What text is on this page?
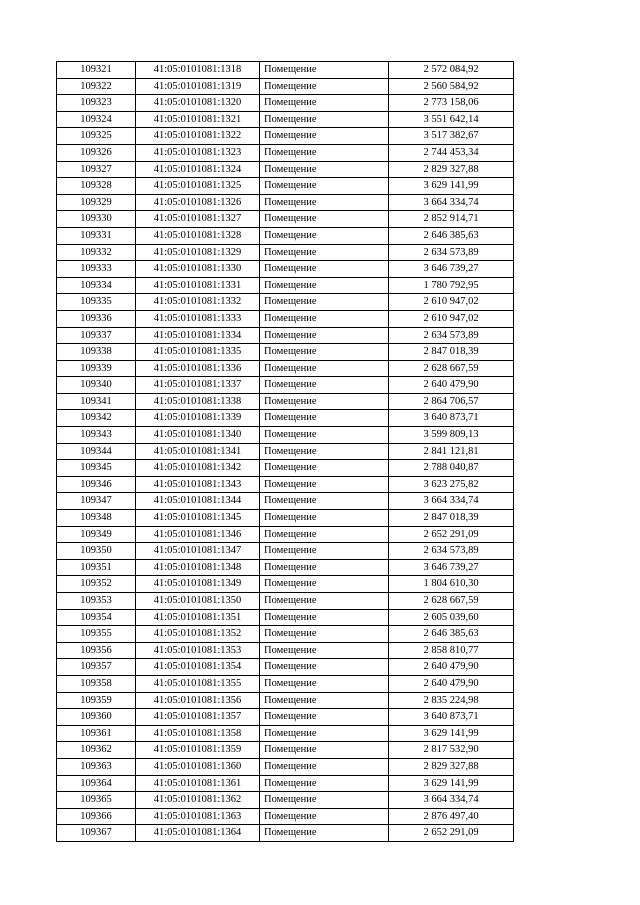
109321	41:05:0101081:1318	Помещение	2 572 084,92
109322	41:05:0101081:1319	Помещение	2 560 584,92
109323	41:05:0101081:1320	Помещение	2 773 158,06
109324	41:05:0101081:1321	Помещение	3 551 642,14
109325	41:05:0101081:1322	Помещение	3 517 382,67
109326	41:05:0101081:1323	Помещение	2 744 453,34
109327	41:05:0101081:1324	Помещение	2 829 327,88
109328	41:05:0101081:1325	Помещение	3 629 141,99
109329	41:05:0101081:1326	Помещение	3 664 334,74
109330	41:05:0101081:1327	Помещение	2 852 914,71
109331	41:05:0101081:1328	Помещение	2 646 385,63
109332	41:05:0101081:1329	Помещение	2 634 573,89
109333	41:05:0101081:1330	Помещение	3 646 739,27
109334	41:05:0101081:1331	Помещение	1 780 792,95
109335	41:05:0101081:1332	Помещение	2 610 947,02
109336	41:05:0101081:1333	Помещение	2 610 947,02
109337	41:05:0101081:1334	Помещение	2 634 573,89
109338	41:05:0101081:1335	Помещение	2 847 018,39
109339	41:05:0101081:1336	Помещение	2 628 667,59
109340	41:05:0101081:1337	Помещение	2 640 479,90
109341	41:05:0101081:1338	Помещение	2 864 706,57
109342	41:05:0101081:1339	Помещение	3 640 873,71
109343	41:05:0101081:1340	Помещение	3 599 809,13
109344	41:05:0101081:1341	Помещение	2 841 121,81
109345	41:05:0101081:1342	Помещение	2 788 040,87
109346	41:05:0101081:1343	Помещение	3 623 275,82
109347	41:05:0101081:1344	Помещение	3 664 334,74
109348	41:05:0101081:1345	Помещение	2 847 018,39
109349	41:05:0101081:1346	Помещение	2 652 291,09
109350	41:05:0101081:1347	Помещение	2 634 573,89
109351	41:05:0101081:1348	Помещение	3 646 739,27
109352	41:05:0101081:1349	Помещение	1 804 610,30
109353	41:05:0101081:1350	Помещение	2 628 667,59
109354	41:05:0101081:1351	Помещение	2 605 039,60
109355	41:05:0101081:1352	Помещение	2 646 385,63
109356	41:05:0101081:1353	Помещение	2 858 810,77
109357	41:05:0101081:1354	Помещение	2 640 479,90
109358	41:05:0101081:1355	Помещение	2 640 479,90
109359	41:05:0101081:1356	Помещение	2 835 224,98
109360	41:05:0101081:1357	Помещение	3 640 873,71
109361	41:05:0101081:1358	Помещение	3 629 141,99
109362	41:05:0101081:1359	Помещение	2 817 532,90
109363	41:05:0101081:1360	Помещение	2 829 327,88
109364	41:05:0101081:1361	Помещение	3 629 141,99
109365	41:05:0101081:1362	Помещение	3 664 334,74
109366	41:05:0101081:1363	Помещение	2 876 497,40
109367	41:05:0101081:1364	Помещение	2 652 291,09
